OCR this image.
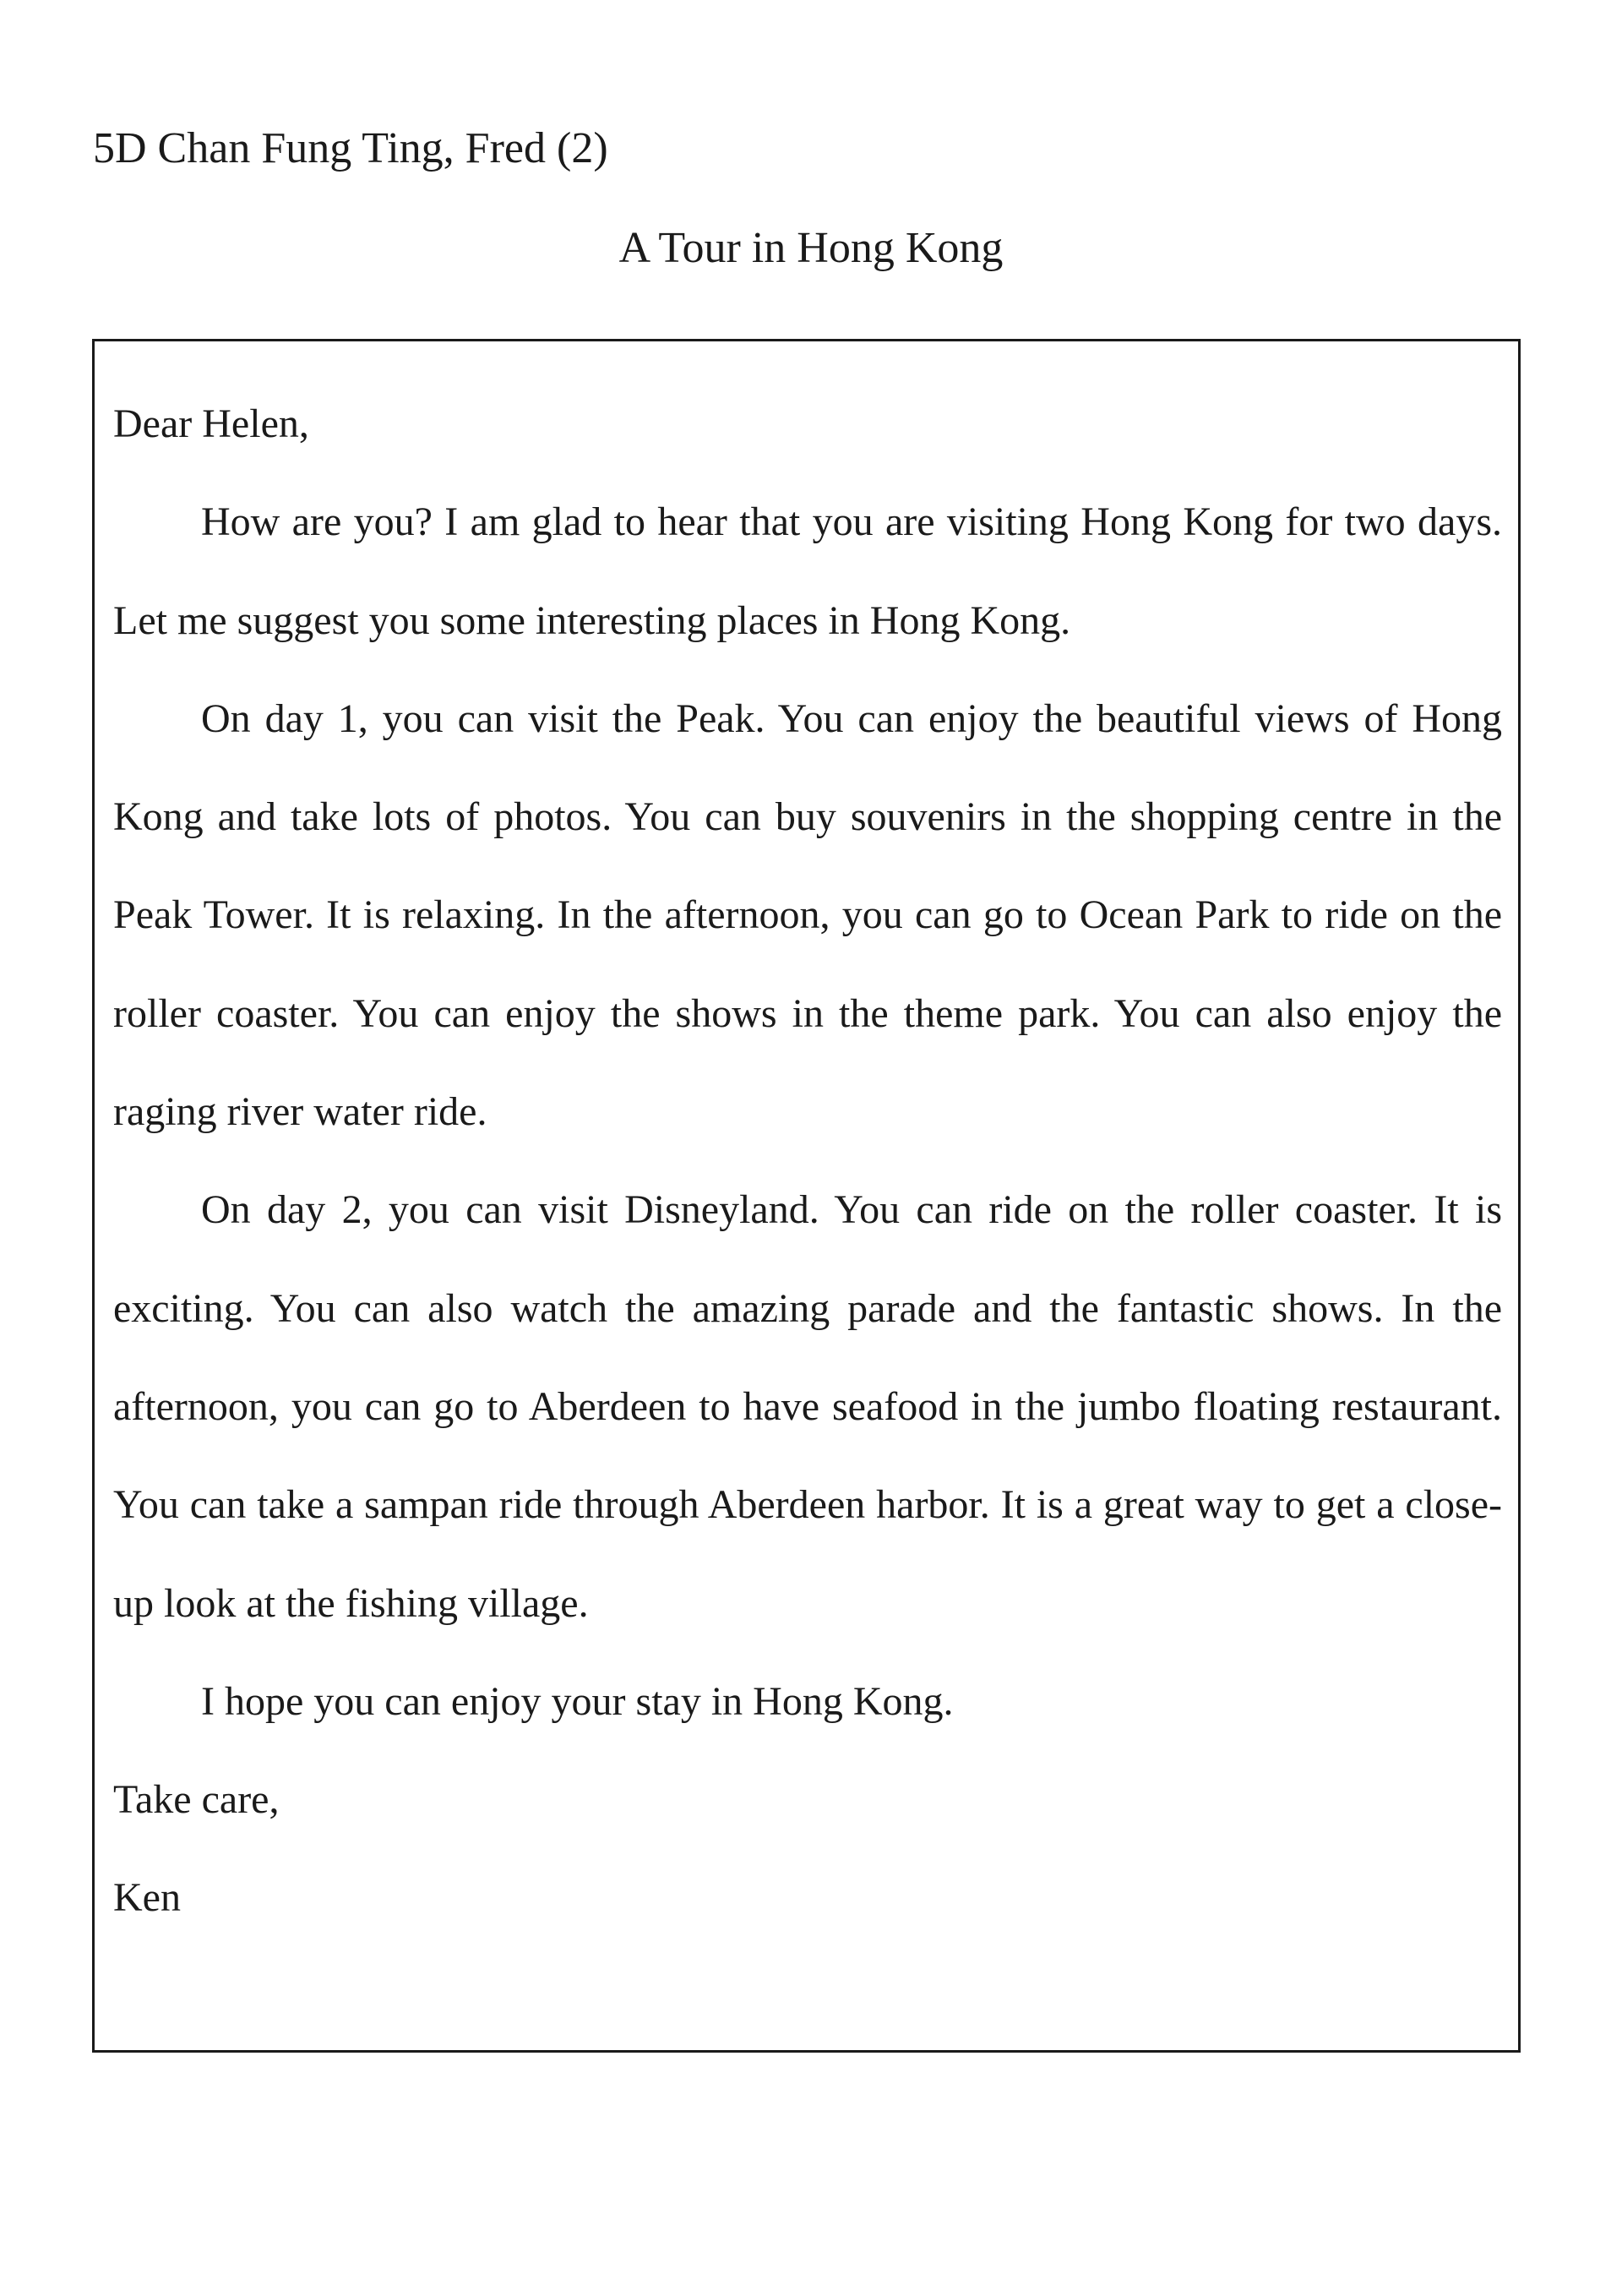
5D Chan Fung Ting, Fred (2)
A Tour in Hong Kong

Dear Helen,

How are you? I am glad to hear that you are visiting Hong Kong for two days. Let me suggest you some interesting places in Hong Kong.

On day 1, you can visit the Peak. You can enjoy the beautiful views of Hong Kong and take lots of photos. You can buy souvenirs in the shopping centre in the Peak Tower. It is relaxing. In the afternoon, you can go to Ocean Park to ride on the roller coaster. You can enjoy the shows in the theme park. You can also enjoy the raging river water ride.

On day 2, you can visit Disneyland. You can ride on the roller coaster. It is exciting. You can also watch the amazing parade and the fantastic shows. In the afternoon, you can go to Aberdeen to have seafood in the jumbo floating restaurant. You can take a sampan ride through Aberdeen harbor. It is a great way to get a close-up look at the fishing village.

I hope you can enjoy your stay in Hong Kong.

Take care,

Ken
